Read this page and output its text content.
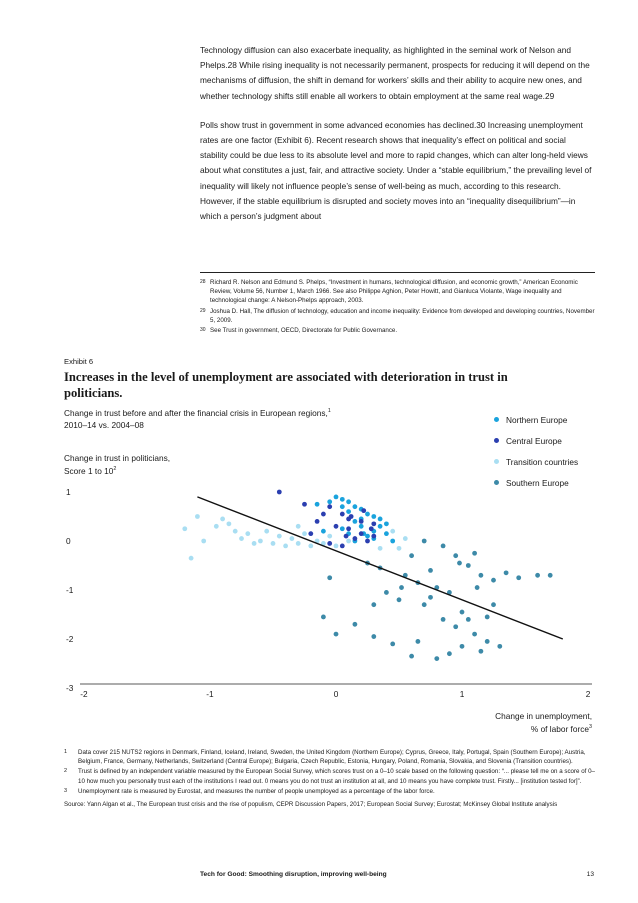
Technology diffusion can also exacerbate inequality, as highlighted in the seminal work of Nelson and Phelps.28 While rising inequality is not necessarily permanent, prospects for reducing it will depend on the mechanisms of diffusion, the shift in demand for workers’ skills and their ability to acquire new ones, and whether technology shifts still enable all workers to obtain employment at the same real wage.29

Polls show trust in government in some advanced economies has declined.30 Increasing unemployment rates are one factor (Exhibit 6). Recent research shows that inequality’s effect on political and social stability could be due less to its absolute level and more to rapid changes, which can alter long-held views about what constitutes a just, fair, and attractive society. Under a “stable equilibrium,” the prevailing level of inequality will likely not influence people’s sense of well-being as much, according to this research. However, if the stable equilibrium is disrupted and society moves into an “inequality disequilibrium”—in which a person’s judgment about

28 Richard R. Nelson and Edmund S. Phelps, “Investment in humans, technological diffusion, and economic growth,” American Economic Review, Volume 56, Number 1, March 1966. See also Philippe Aghion, Peter Howitt, and Gianluca Violante, Wage inequality and technological change: A Nelson-Phelps approach, 2003.
29 Joshua D. Hall, The diffusion of technology, education and income inequality: Evidence from developed and developing countries, November 5, 2009.
30 See Trust in government, OECD, Directorate for Public Governance.
Exhibit 6
Increases in the level of unemployment are associated with deterioration in trust in politicians.
Change in trust before and after the financial crisis in European regions,$^1$
2010–14 vs. 2004–08
Northern Europe
Central Europe
Transition countries
Southern Europe
Change in trust in politicians,
Score 1 to $10^2$
1
0
-1
-2
-3
-2	-1	0	1	2
Change in unemployment,
% of labor force$^3$
1	Data cover 215 NUTS2 regions in Denmark, Finland, Iceland, Ireland, Sweden, the United Kingdom (Northern Europe); Cyprus, Greece, Italy, Portugal, Spain (Southern Europe); Austria, Belgium, France, Germany, Netherlands, Switzerland (Central Europe); Bulgaria, Czech Republic, Estonia, Hungary, Poland, Romania, Slovakia, and Slovenia (Transition countries).
2	Trust is defined by an independent variable measured by the European Social Survey, which scores trust on a 0–10 scale based on the following question: “... please tell me on a score of 0–10 how much you personally trust each of the institutions I read out. 0 means you do not trust an institution at all, and 10 means you have complete trust. Firstly... [institution tested for]”.
3	Unemployment rate is measured by Eurostat, and measures the number of people unemployed as a percentage of the labor force.
Source: Yann Algan et al., The European trust crisis and the rise of populism, CEPR Discussion Papers, 2017; European Social Survey; Eurostat; McKinsey Global Institute analysis
Tech for Good: Smoothing disruption, improving well-being	13
